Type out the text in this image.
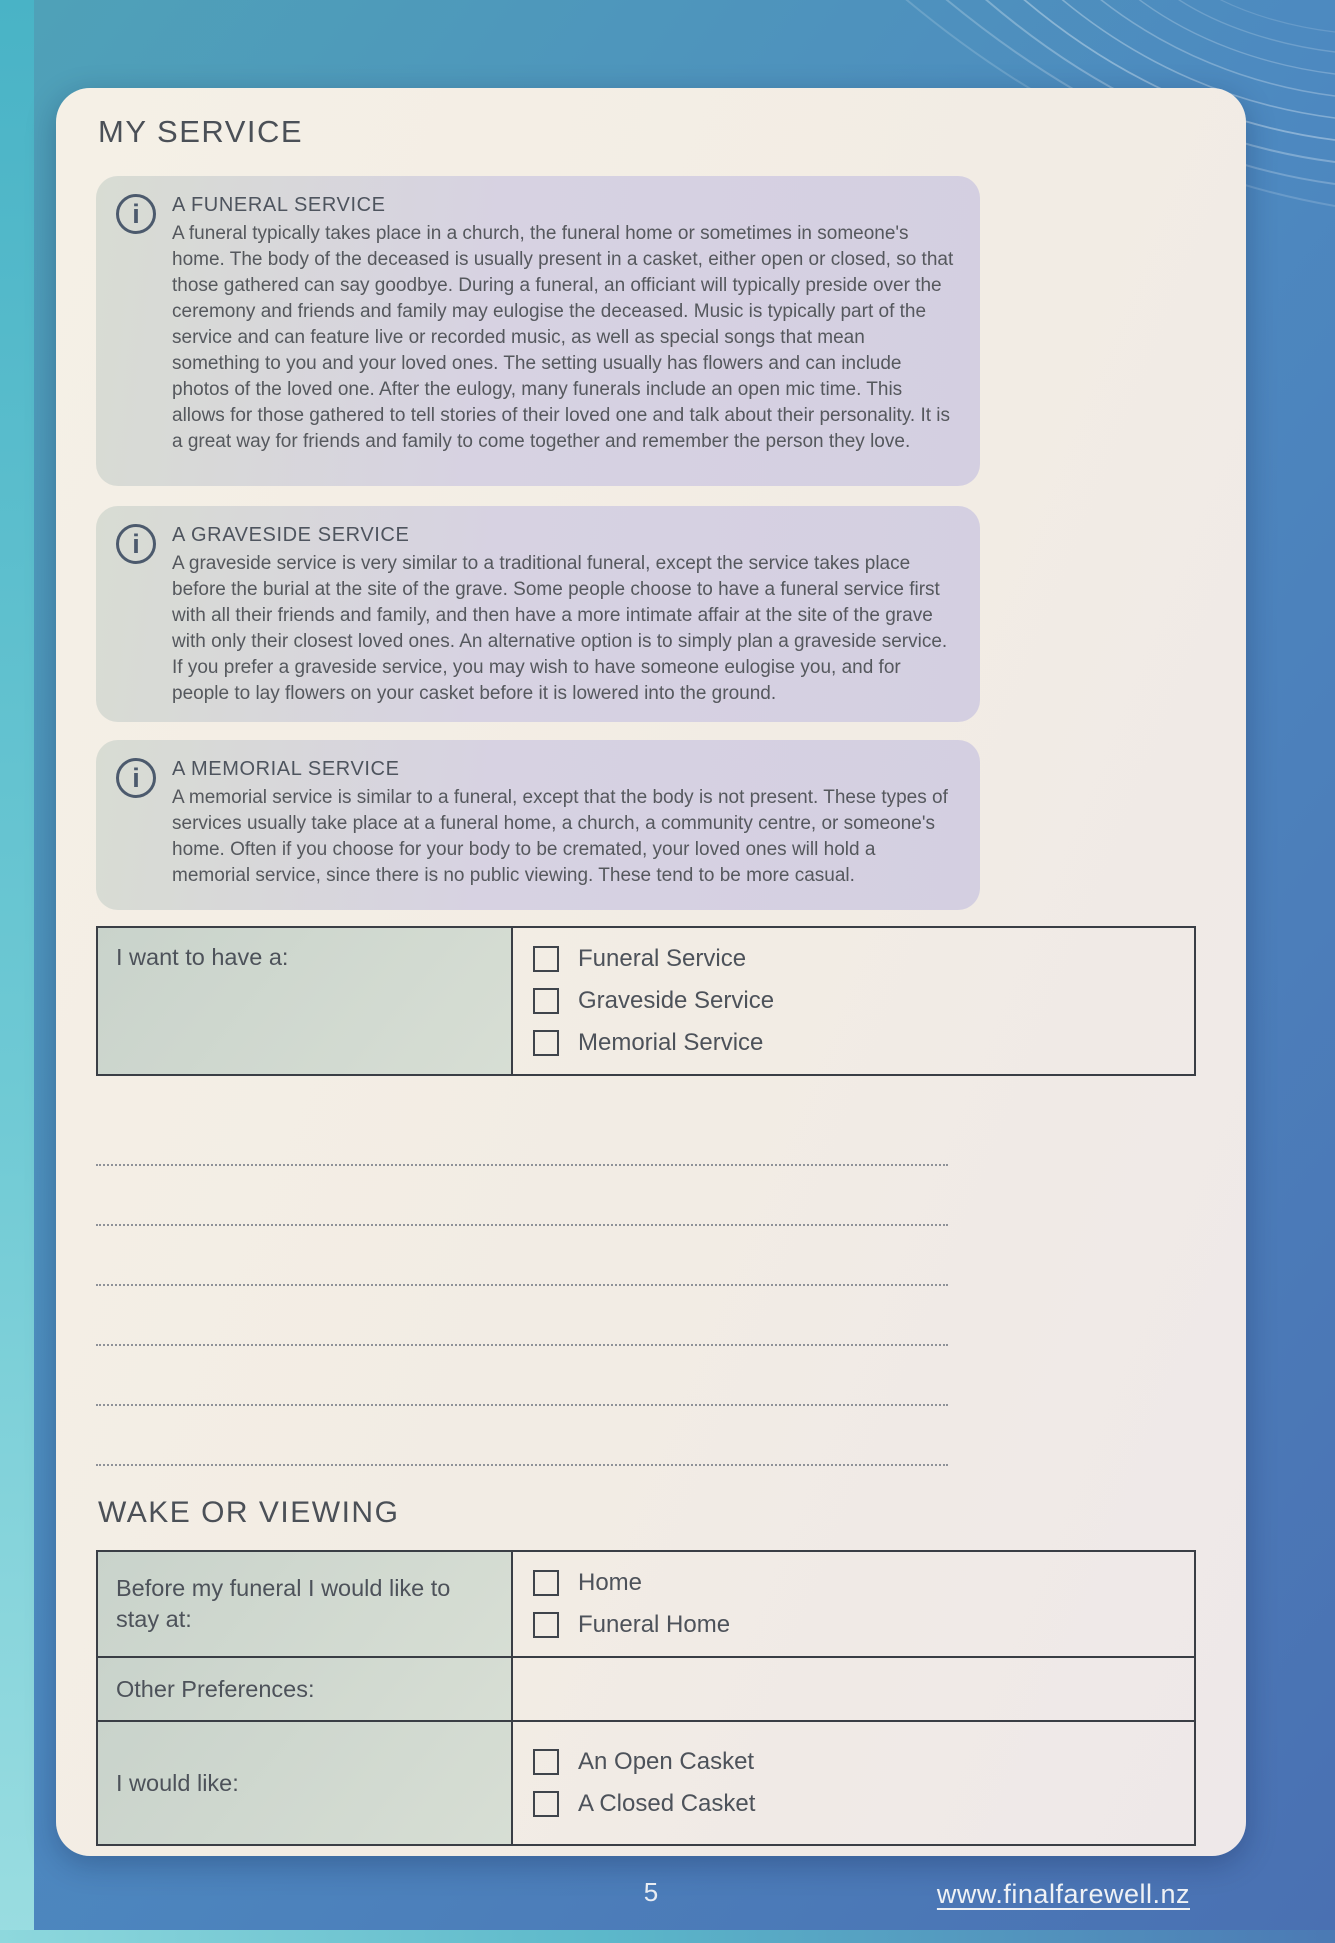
MY SERVICE
i	A FUNERAL SERVICE

A funeral typically takes place in a church, the funeral home or sometimes in someone's home. The body of the deceased is usually present in a casket, either open or closed, so that those gathered can say goodbye. During a funeral, an officiant will typically preside over the ceremony and friends and family may eulogise the deceased. Music is typically part of the service and can feature live or recorded music, as well as special songs that mean something to you and your loved ones. The setting usually has flowers and can include photos of the loved one. After the eulogy, many funerals include an open mic time. This allows for those gathered to tell stories of their loved one and talk about their personality. It is a great way for friends and family to come together and remember the person they love.

i	A GRAVESIDE SERVICE

A graveside service is very similar to a traditional funeral, except the service takes place before the burial at the site of the grave. Some people choose to have a funeral service first with all their friends and family, and then have a more intimate affair at the site of the grave with only their closest loved ones. An alternative option is to simply plan a graveside service. If you prefer a graveside service, you may wish to have someone eulogise you, and for people to lay flowers on your casket before it is lowered into the ground.

i	A MEMORIAL SERVICE

A memorial service is similar to a funeral, except that the body is not present. These types of services usually take place at a funeral home, a church, a community centre, or someone's home. Often if you choose for your body to be cremated, your loved ones will hold a memorial service, since there is no public viewing. These tend to be more casual.

I want to have a:	Funeral Service
Graveside Service
Memorial Service
WAKE OR VIEWING
Before my funeral I would like to stay at:
Home
Funeral Home
Other Preferences:
I would like:
An Open Casket
A Closed Casket
5	www.finalfarewell.nz
